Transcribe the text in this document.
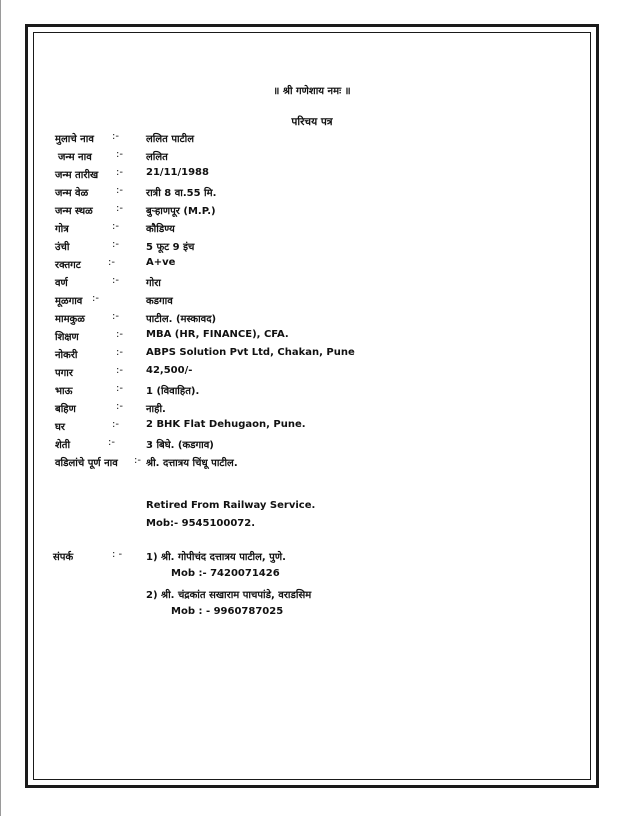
॥ श्री गणेशाय नमः ॥
परिचय पत्र
मुलाचे नाव :-	ललित पाटील
जन्म नाव :- ललित
जन्म तारीख :- 21/11/1988
जन्म वेळ	:- रात्री 8 वा.55 मि.
जन्म स्थळ :- बुऱ्हाणपूर (M.P.)
गोत्र	:-	कौडिण्य
उंची	:-	5 फूट 9 इंच
रक्तगट	:-	A+ve
वर्ण	:-	गोरा
मूळगाव :-	कडगाव
मामकुळ	:-	पाटील. (मस्कावद)
शिक्षण	:- MBA (HR, FINANCE), CFA.
नोकरी	:- ABPS Solution Pvt Ltd, Chakan, Pune
पगार	:- 42,500/-
भाऊ	:- 1 (विवाहित).
बहिण	:- नाही.
घर	:-	2 BHK Flat Dehugaon, Pune.
शेती	:-	3 बिघे. (कडगाव)
वडिलांचे पूर्ण नाव :- श्री. दत्तात्रय चिंधू पाटील.
Retired From Railway Service.
Mob:- 9545100072.
संपर्क	: - 1) श्री. गोपीचंद दत्तात्रय पाटील, पुणे.
Mob :- 7420071426
2) श्री. चंद्रकांत सखाराम पाचपांडे, वराडसिम
Mob : - 9960787025
